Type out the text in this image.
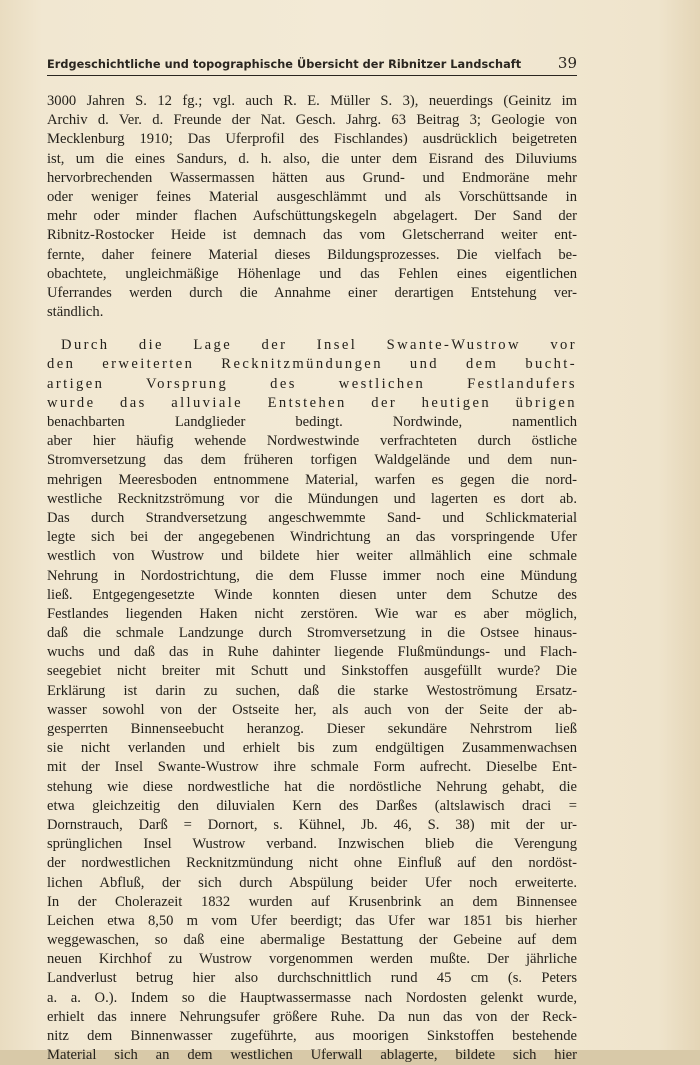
Erdgeschichtliche und topographische Übersicht der Ribnitzer Landschaft 39
3000 Jahren S. 12 fg.; vgl. auch R. E. Müller S. 3), neuerdings (Geinitz im
Archiv d. Ver. d. Freunde der Nat. Gesch. Jahrg. 63 Beitrag 3; Geologie von
Mecklenburg 1910; Das Uferprofil des Fischlandes) ausdrücklich beigetreten
ist, um die eines Sandurs, d. h. also, die unter dem Eisrand des Diluviums
hervorbrechenden Wassermassen hätten aus Grund- und Endmoräne mehr
oder weniger feines Material ausgeschlämmt und als Vorschüttsande in
mehr oder minder flachen Aufschüttungskegeln abgelagert. Der Sand der
Ribnitz-Rostocker Heide ist demnach das vom Gletscherrand weiter ent-
fernte, daher feinere Material dieses Bildungsprozesses. Die vielfach be-
obachtete, ungleichmäßige Höhenlage und das Fehlen eines eigentlichen
Uferrandes werden durch die Annahme einer derartigen Entstehung ver-
ständlich.
Durch die Lage der Insel Swante-Wustrow vor
den erweiterten Recknitzmündungen und dem bucht-
artigen Vorsprung des westlichen Festlandufers
wurde das alluviale Entstehen der heutigen übrigen
benachbarten Landglieder bedingt. Nordwinde, namentlich
aber hier häufig wehende Nordwestwinde verfrachteten durch östliche
Stromversetzung das dem früheren torfigen Waldgelände und dem nun-
mehrigen Meeresboden entnommene Material, warfen es gegen die nord-
westliche Recknitzströmung vor die Mündungen und lagerten es dort ab.
Das durch Strandversetzung angeschwemmte Sand- und Schlickmaterial
legte sich bei der angegebenen Windrichtung an das vorspringende Ufer
westlich von Wustrow und bildete hier weiter allmählich eine schmale
Nehrung in Nordostrichtung, die dem Flusse immer noch eine Mündung
ließ. Entgegengesetzte Winde konnten diesen unter dem Schutze des
Festlandes liegenden Haken nicht zerstören. Wie war es aber möglich,
daß die schmale Landzunge durch Stromversetzung in die Ostsee hinaus-
wuchs und daß das in Ruhe dahinter liegende Flußmündungs- und Flach-
seegebiet nicht breiter mit Schutt und Sinkstoffen ausgefüllt wurde? Die
Erklärung ist darin zu suchen, daß die starke Westoströmung Ersatz-
wasser sowohl von der Ostseite her, als auch von der Seite der ab-
gesperrten Binnenseebucht heranzog. Dieser sekundäre Nehrstrom ließ
sie nicht verlanden und erhielt bis zum endgültigen Zusammenwachsen
mit der Insel Swante-Wustrow ihre schmale Form aufrecht. Dieselbe Ent-
stehung wie diese nordwestliche hat die nordöstliche Nehrung gehabt, die
etwa gleichzeitig den diluvialen Kern des Darßes (altslawisch draci =
Dornstrauch, Darß = Dornort, s. Kühnel, Jb. 46, S. 38) mit der ur-
sprünglichen Insel Wustrow verband. Inzwischen blieb die Verengung
der nordwestlichen Recknitzmündung nicht ohne Einfluß auf den nordöst-
lichen Abfluß, der sich durch Abspülung beider Ufer noch erweiterte.
In der Cholerazeit 1832 wurden auf Krusenbrink an dem Binnensee
Leichen etwa 8,50 m vom Ufer beerdigt; das Ufer war 1851 bis hierher
weggewaschen, so daß eine abermalige Bestattung der Gebeine auf dem
neuen Kirchhof zu Wustrow vorgenommen werden mußte. Der jährliche
Landverlust betrug hier also durchschnittlich rund 45 cm (s. Peters
a. a. O.). Indem so die Hauptwassermasse nach Nordosten gelenkt wurde,
erhielt das innere Nehrungsufer größere Ruhe. Da nun das von der Reck-
nitz dem Binnenwasser zugeführte, aus moorigen Sinkstoffen bestehende
Material sich an dem westlichen Uferwall ablagerte, bildete sich hier
